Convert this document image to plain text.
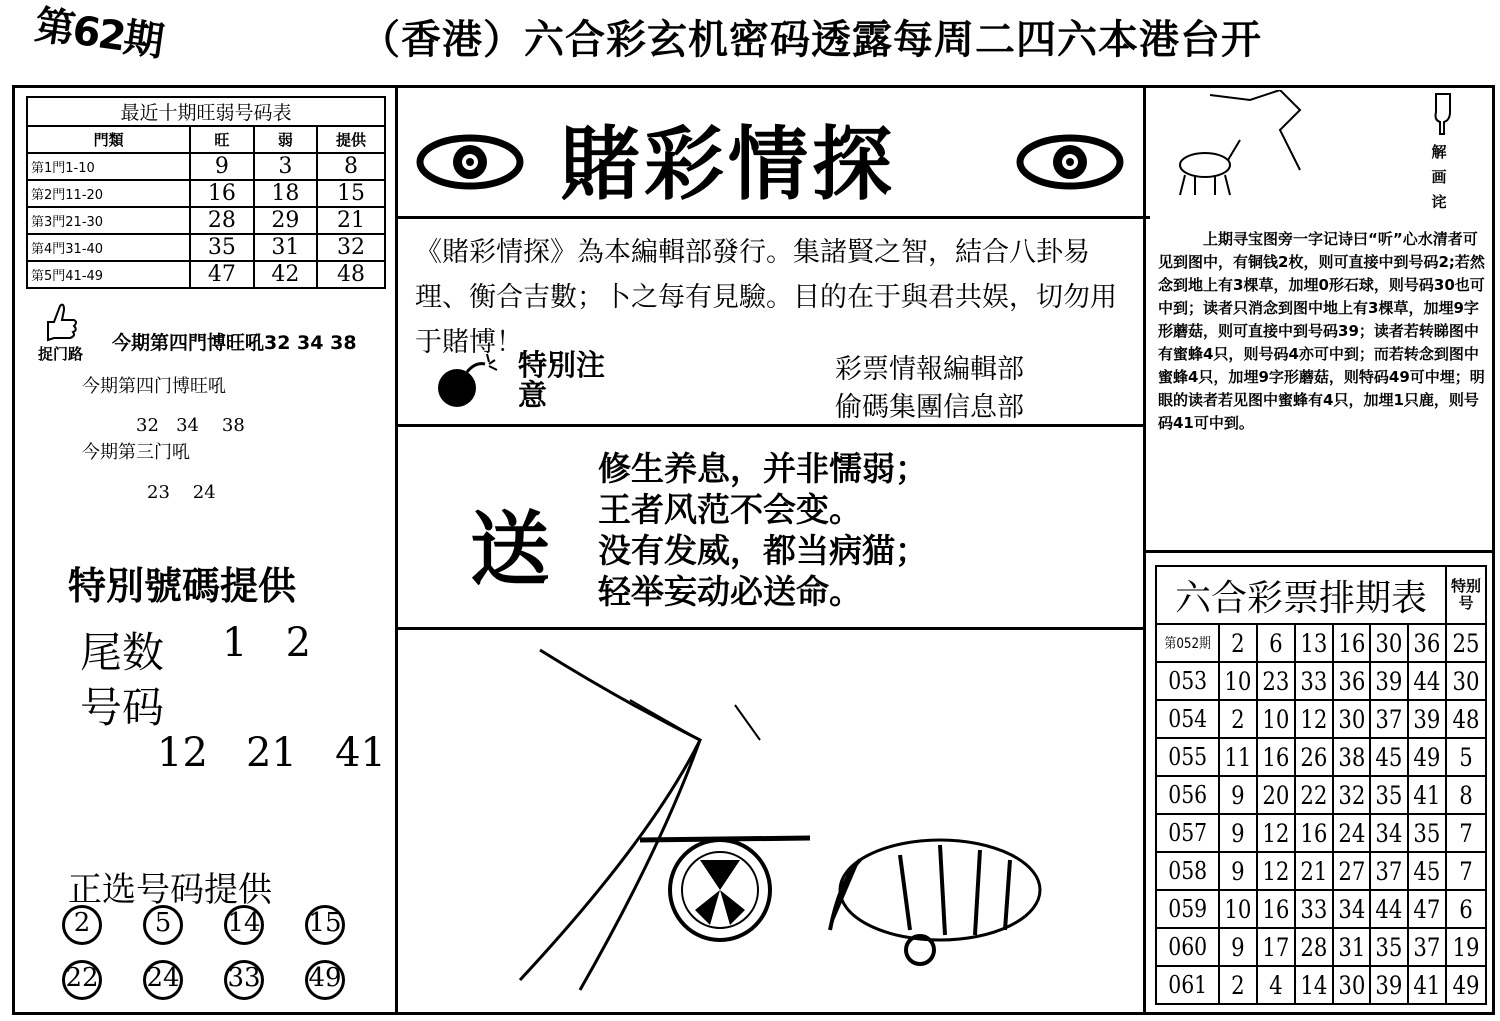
第62期	（香港）六合彩玄机密码透露每周二四六本港台开
最近十期旺弱号码表			
門類	旺	弱	提供
第1門1-10	9	3	8
第2門11-20	16	18	15
第3門21-30	28	29	21
第4門31-40	35	31	32
第5門41-49	47	42	48
捉门路 今期第四門博旺吼32 34 38
今期第四门博旺吼
32   34    38
今期第三门吼
23    24
特別號碼提供
尾数 1   2
号码
12   21   41
正选号码提供
2	5	14 15
22 24 33 49
賭彩情探
《賭彩情探》為本編輯部發行。集諸賢之智，結合八卦易理、衡合吉數；卜之每有見驗。目的在于與君共娱，切勿用于賭博！
特別注意
彩票情報編輯部
偷碼集團信息部
送
修生养息，并非懦弱；
王者风范不会变。
没有发威，都当病猫；
轻举妄动必送命。
解画诧
上期寻宝图旁一字记诗曰“听”心水清者可见到图中，有铜钱2枚，则可直接中到号码2;若然念到地上有3棵草，加埋0形石球，则号码30也可中到；读者只消念到图中地上有3棵草，加埋9字形蘑菇，则可直接中到号码39；读者若转睇图中有蜜蜂4只，则号码4亦可中到；而若转念到图中蜜蜂4只，加埋9字形蘑菇，则特码49可中埋；明眼的读者若见图中蜜蜂有4只，加埋1只鹿，则号码41可中到。
六合彩票排期表							特别号
第052期	2	6	13	16	30	36	25
053	10	23	33	36	39	44	30
054	2	10	12	30	37	39	48
055	11	16	26	38	45	49	5
056	9	20	22	32	35	41	8
057	9	12	16	24	34	35	7
058	9	12	21	27	37	45	7
059	10	16	33	34	44	47	6
060	9	17	28	31	35	37	19
061	2	4	14	30	39	41	49
